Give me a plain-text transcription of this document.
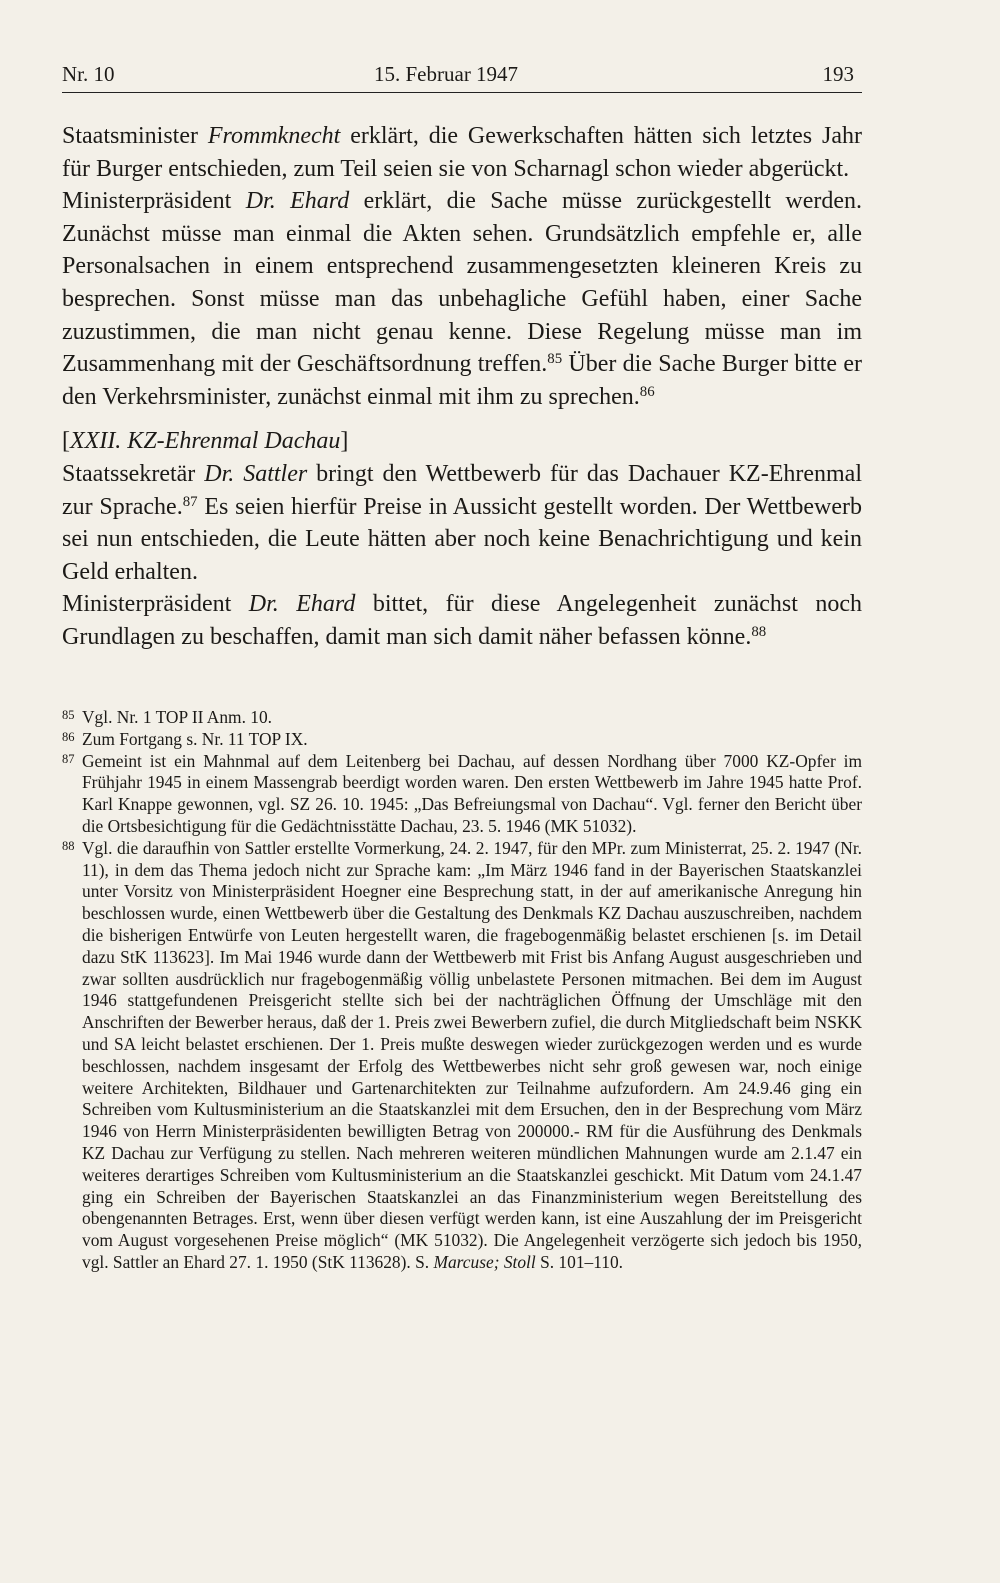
Nr. 10	15. Februar 1947	193

Staatsminister Frommknecht erklärt, die Gewerkschaften hätten sich letztes Jahr für Burger entschieden, zum Teil seien sie von Scharnagl schon wieder abgerückt.

Ministerpräsident Dr. Ehard erklärt, die Sache müsse zurückgestellt werden. Zunächst müsse man einmal die Akten sehen. Grundsätzlich empfehle er, alle Personalsachen in einem entsprechend zusammengesetzten kleineren Kreis zu besprechen. Sonst müsse man das unbehagliche Gefühl haben, einer Sache zuzustimmen, die man nicht genau kenne. Diese Regelung müsse man im Zusammenhang mit der Geschäftsordnung treffen.$^{85}$ Über die Sache Burger bitte er den Verkehrsminister, zunächst einmal mit ihm zu sprechen.$^{86}$

[XXII. KZ-Ehrenmal Dachau]

Staatssekretär Dr. Sattler bringt den Wettbewerb für das Dachauer KZ-Ehrenmal zur Sprache.$^{87}$ Es seien hierfür Preise in Aussicht gestellt worden. Der Wettbewerb sei nun entschieden, die Leute hätten aber noch keine Benachrichtigung und kein Geld erhalten.

Ministerpräsident Dr. Ehard bittet, für diese Angelegenheit zunächst noch Grundlagen zu beschaffen, damit man sich damit näher befassen könne.$^{88}$

85 Vgl. Nr. 1 TOP II Anm. 10.
86 Zum Fortgang s. Nr. 11 TOP IX.
87 Gemeint ist ein Mahnmal auf dem Leitenberg bei Dachau, auf dessen Nordhang über 7000 KZ-Opfer im Frühjahr 1945 in einem Massengrab beerdigt worden waren. Den ersten Wettbewerb im Jahre 1945 hatte Prof. Karl Knappe gewonnen, vgl. SZ 26. 10. 1945: „Das Befreiungsmal von Dachau“. Vgl. ferner den Bericht über die Ortsbesichtigung für die Gedächtnisstätte Dachau, 23. 5. 1946 (MK 51032).
88 Vgl. die daraufhin von Sattler erstellte Vormerkung, 24. 2. 1947, für den MPr. zum Ministerrat, 25. 2. 1947 (Nr. 11), in dem das Thema jedoch nicht zur Sprache kam: „Im März 1946 fand in der Bayerischen Staatskanzlei unter Vorsitz von Ministerpräsident Hoegner eine Besprechung statt, in der auf amerikanische Anregung hin beschlossen wurde, einen Wettbewerb über die Gestaltung des Denkmals KZ Dachau auszuschreiben, nachdem die bisherigen Entwürfe von Leuten hergestellt waren, die fragebogenmäßig belastet erschienen [s. im Detail dazu StK 113623]. Im Mai 1946 wurde dann der Wettbewerb mit Frist bis Anfang August ausgeschrieben und zwar sollten ausdrücklich nur fragebogenmäßig völlig unbelastete Personen mitmachen. Bei dem im August 1946 stattgefundenen Preisgericht stellte sich bei der nachträglichen Öffnung der Umschläge mit den Anschriften der Bewerber heraus, daß der 1. Preis zwei Bewerbern zufiel, die durch Mitgliedschaft beim NSKK und SA leicht belastet erschienen. Der 1. Preis mußte deswegen wieder zurückgezogen werden und es wurde beschlossen, nachdem insgesamt der Erfolg des Wettbewerbes nicht sehr groß gewesen war, noch einige weitere Architekten, Bildhauer und Gartenarchitekten zur Teilnahme aufzufordern. Am 24.9.46 ging ein Schreiben vom Kultusministerium an die Staatskanzlei mit dem Ersuchen, den in der Besprechung vom März 1946 von Herrn Ministerpräsidenten bewilligten Betrag von 200000.- RM für die Ausführung des Denkmals KZ Dachau zur Verfügung zu stellen. Nach mehreren weiteren mündlichen Mahnungen wurde am 2.1.47 ein weiteres derartiges Schreiben vom Kultusministerium an die Staatskanzlei geschickt. Mit Datum vom 24.1.47 ging ein Schreiben der Bayerischen Staatskanzlei an das Finanzministerium wegen Bereitstellung des obengenannten Betrages. Erst, wenn über diesen verfügt werden kann, ist eine Auszahlung der im Preisgericht vom August vorgesehenen Preise möglich“ (MK 51032). Die Angelegenheit verzögerte sich jedoch bis 1950, vgl. Sattler an Ehard 27. 1. 1950 (StK 113628). S. Marcuse; Stoll S. 101–110.
